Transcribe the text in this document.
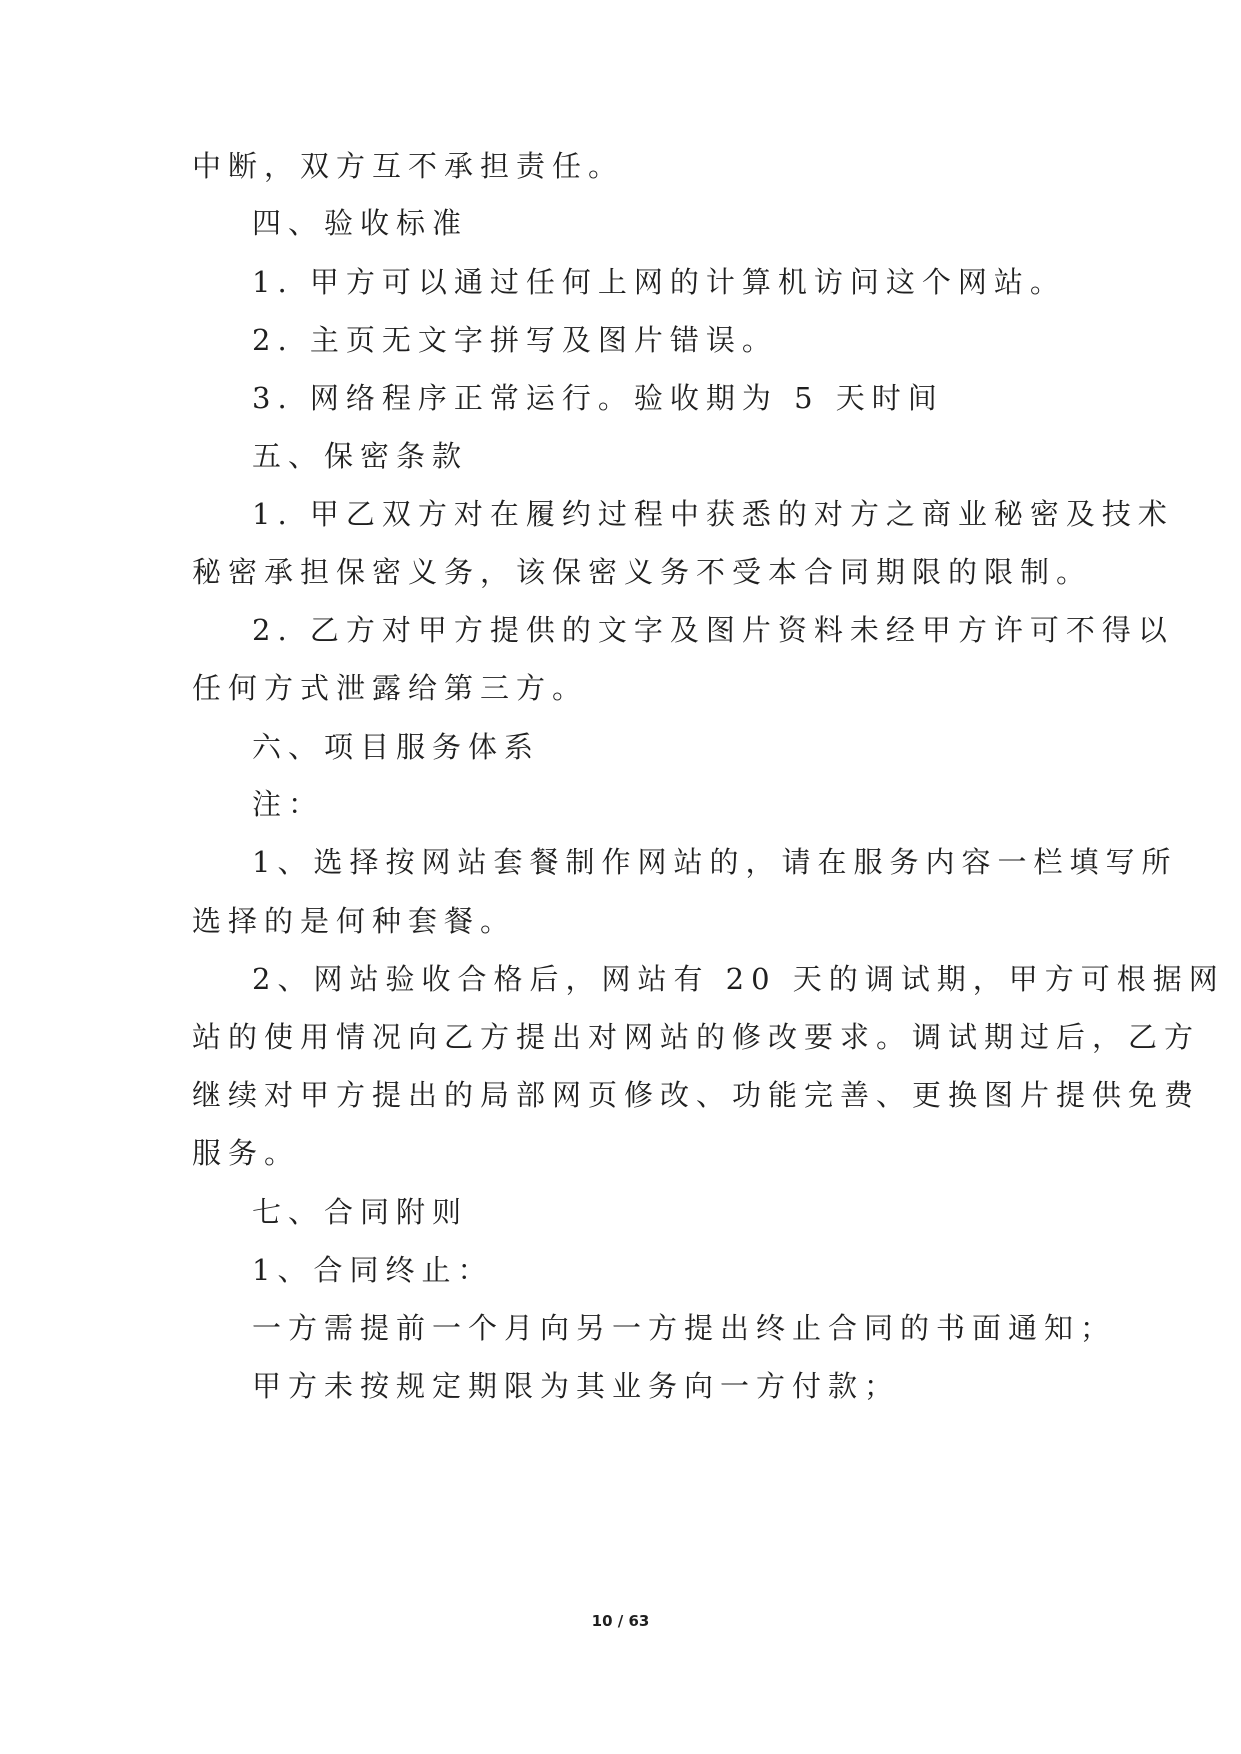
中断，双方互不承担责任。

四、验收标准

1. 甲方可以通过任何上网的计算机访问这个网站。

2. 主页无文字拼写及图片错误。

3. 网络程序正常运行。验收期为 5 天时间

五、保密条款

1. 甲乙双方对在履约过程中获悉的对方之商业秘密及技术

秘密承担保密义务，该保密义务不受本合同期限的限制。

2. 乙方对甲方提供的文字及图片资料未经甲方许可不得以

任何方式泄露给第三方。

六、项目服务体系

注：

1、选择按网站套餐制作网站的，请在服务内容一栏填写所

选择的是何种套餐。

2、网站验收合格后，网站有 20 天的调试期，甲方可根据网

站的使用情况向乙方提出对网站的修改要求。调试期过后，乙方

继续对甲方提出的局部网页修改、功能完善、更换图片提供免费

服务。

七、合同附则

1、合同终止：

一方需提前一个月向另一方提出终止合同的书面通知；

甲方未按规定期限为其业务向一方付款；

10 / 63
